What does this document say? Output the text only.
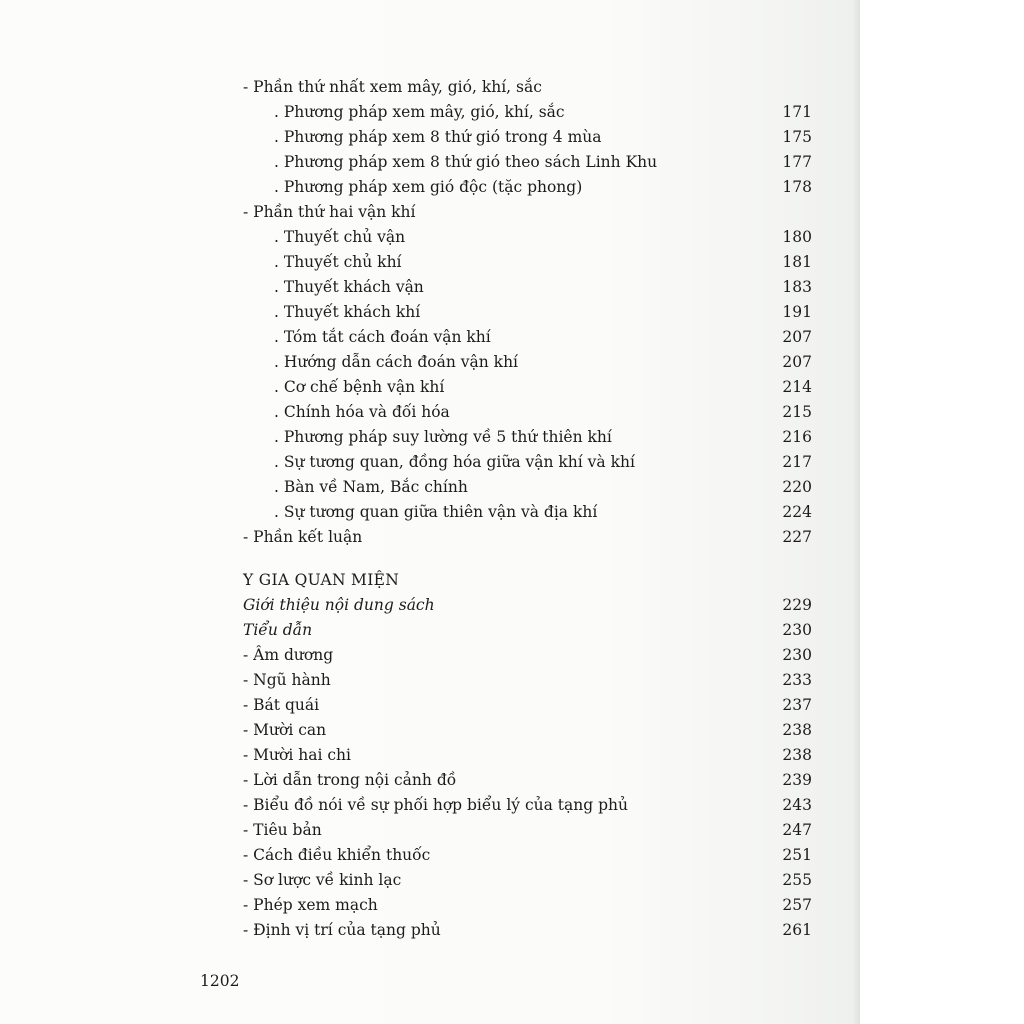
- Phần thứ nhất xem mây, gió, khí, sắc
. Phương pháp xem mây, gió, khí, sắc	171
. Phương pháp xem 8 thứ gió trong 4 mùa	175
. Phương pháp xem 8 thứ gió theo sách Linh Khu	177
. Phương pháp xem gió độc (tặc phong)	178
- Phần thứ hai vận khí
. Thuyết chủ vận	180
. Thuyết chủ khí	181
. Thuyết khách vận	183
. Thuyết khách khí	191
. Tóm tắt cách đoán vận khí	207
. Hướng dẫn cách đoán vận khí	207
. Cơ chế bệnh vận khí	214
. Chính hóa và đối hóa	215
. Phương pháp suy lường về 5 thứ thiên khí	216
. Sự tương quan, đồng hóa giữa vận khí và khí	217
. Bàn về Nam, Bắc chính	220
. Sự tương quan giữa thiên vận và địa khí	224
- Phần kết luận	227
Y GIA QUAN MIỆN
Giới thiệu nội dung sách	229
Tiểu dẫn	230
- Âm dương	230
- Ngũ hành	233
- Bát quái	237
- Mười can	238
- Mười hai chi	238
- Lời dẫn trong nội cảnh đồ	239
- Biểu đồ nói về sự phối hợp biểu lý của tạng phủ	243
- Tiêu bản	247
- Cách điều khiển thuốc	251
- Sơ lược về kinh lạc	255
- Phép xem mạch	257
- Định vị trí của tạng phủ	261
1202
